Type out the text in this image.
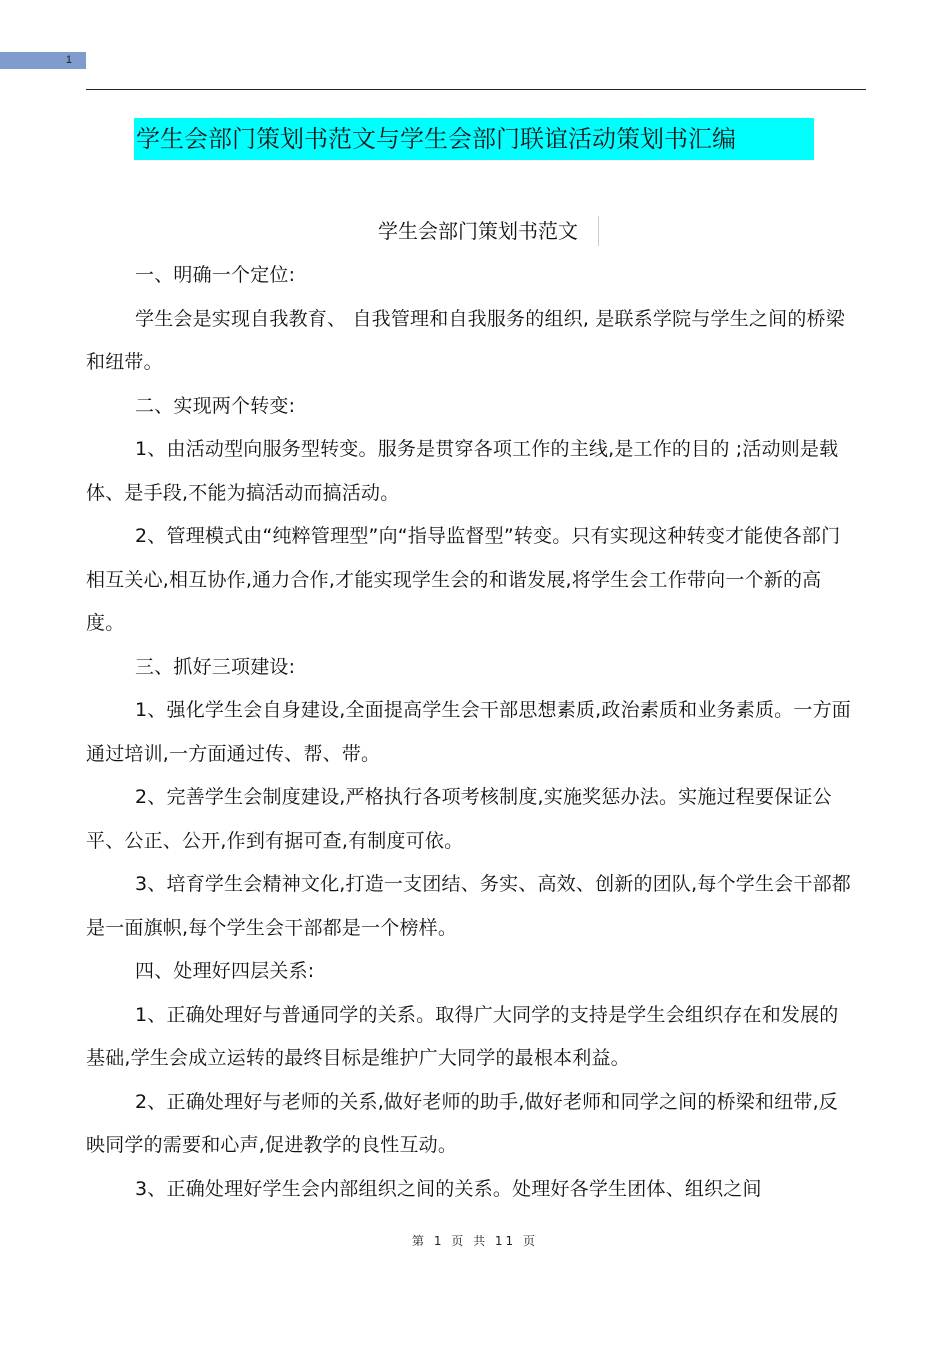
1
学生会部门策划书范文与学生会部门联谊活动策划书汇编
学生会部门策划书范文

一、明确一个定位:

学生会是实现自我教育、 自我管理和自我服务的组织, 是联系学院与学生之间的桥梁和纽带。

二、实现两个转变:

1、由活动型向服务型转变。服务是贯穿各项工作的主线,是工作的目的 ;活动则是载体、是手段,不能为搞活动而搞活动。

2、管理模式由“纯粹管理型”向“指导监督型”转变。只有实现这种转变才能使各部门相互关心,相互协作,通力合作,才能实现学生会的和谐发展,将学生会工作带向一个新的高度。

三、抓好三项建设:

1、强化学生会自身建设,全面提高学生会干部思想素质,政治素质和业务素质。一方面通过培训,一方面通过传、帮、带。

2、完善学生会制度建设,严格执行各项考核制度,实施奖惩办法。实施过程要保证公平、公正、公开,作到有据可查,有制度可依。

3、培育学生会精神文化,打造一支团结、务实、高效、创新的团队,每个学生会干部都是一面旗帜,每个学生会干部都是一个榜样。

四、处理好四层关系:

1、正确处理好与普通同学的关系。取得广大同学的支持是学生会组织存在和发展的基础,学生会成立运转的最终目标是维护广大同学的最根本利益。

2、正确处理好与老师的关系,做好老师的助手,做好老师和同学之间的桥梁和纽带,反映同学的需要和心声,促进教学的良性互动。

3、正确处理好学生会内部组织之间的关系。处理好各学生团体、组织之间

第 1 页 共 11 页
